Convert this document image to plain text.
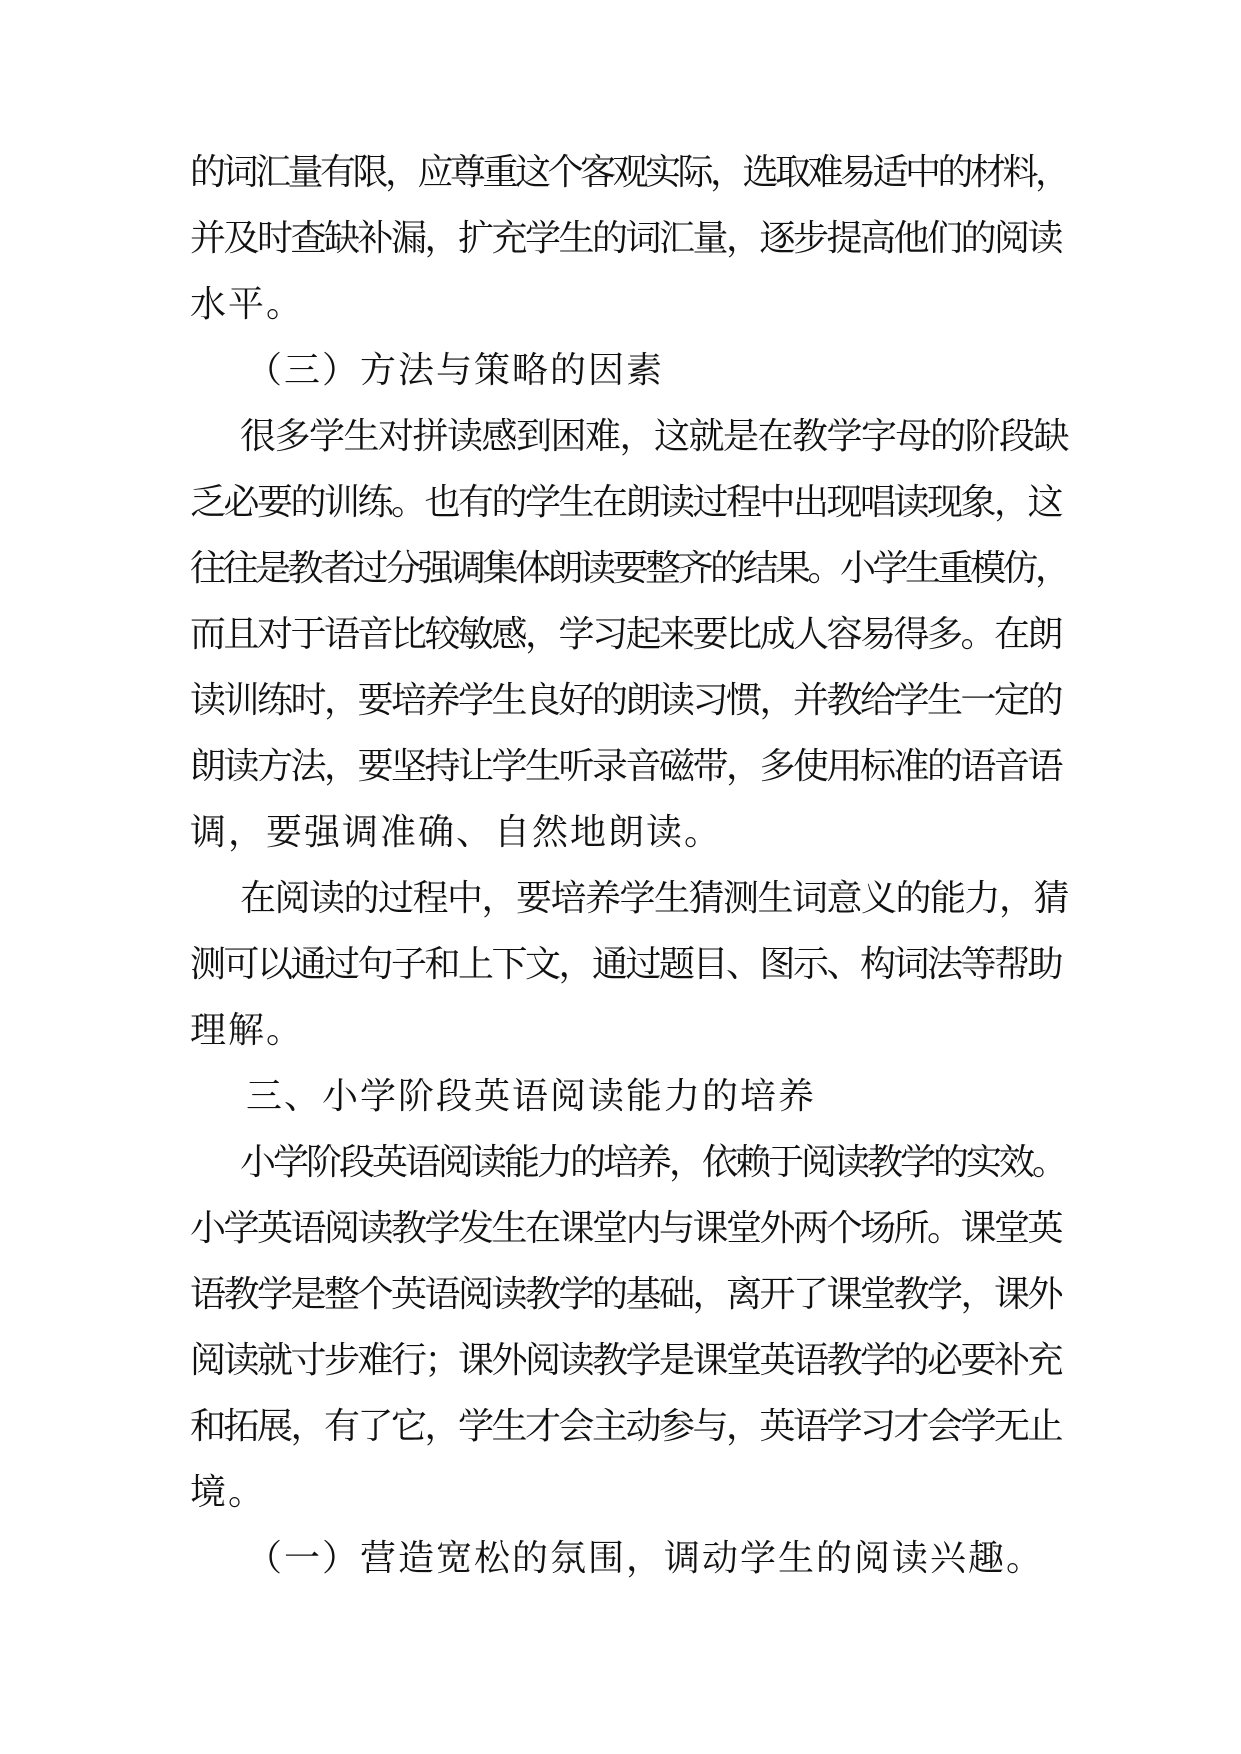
的词汇量有限，应尊重这个客观实际，选取难易适中的材料，
并及时查缺补漏，扩充学生的词汇量，逐步提高他们的阅读
水平。
（三）方法与策略的因素
很多学生对拼读感到困难，这就是在教学字母的阶段缺
乏必要的训练。也有的学生在朗读过程中出现唱读现象，这
往往是教者过分强调集体朗读要整齐的结果。小学生重模仿，
而且对于语音比较敏感，学习起来要比成人容易得多。在朗
读训练时，要培养学生良好的朗读习惯，并教给学生一定的
朗读方法，要坚持让学生听录音磁带，多使用标准的语音语
调，要强调准确、自然地朗读。
在阅读的过程中，要培养学生猜测生词意义的能力，猜
测可以通过句子和上下文，通过题目、图示、构词法等帮助
理解。
三、小学阶段英语阅读能力的培养
小学阶段英语阅读能力的培养，依赖于阅读教学的实效。
小学英语阅读教学发生在课堂内与课堂外两个场所。课堂英
语教学是整个英语阅读教学的基础，离开了课堂教学，课外
阅读就寸步难行；课外阅读教学是课堂英语教学的必要补充
和拓展，有了它，学生才会主动参与，英语学习才会学无止
境。
（一）营造宽松的氛围，调动学生的阅读兴趣。
